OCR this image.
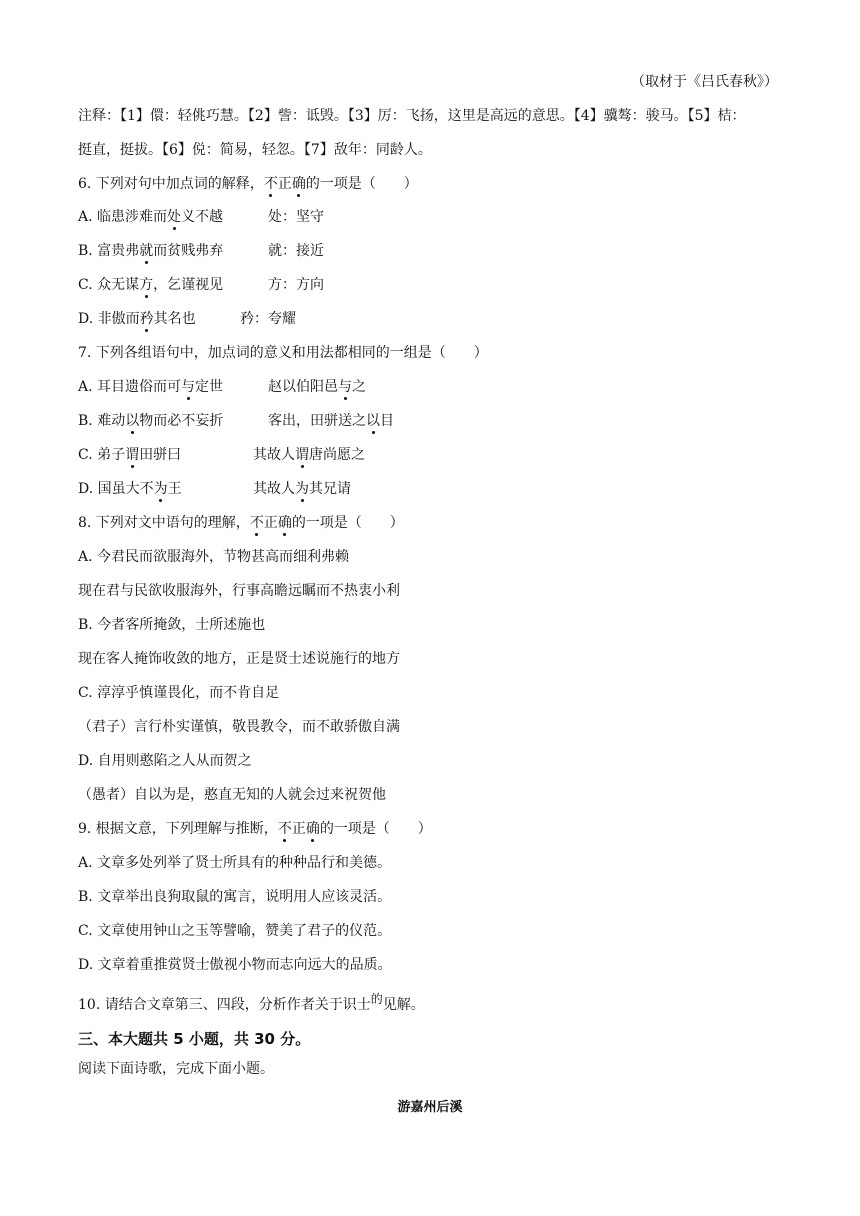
（取材于《吕氏春秋》）
注释：【1】儇：轻佻巧慧。【2】訾：诋毁。【3】厉：飞扬，这里是高远的意思。【4】骥骜：骏马。【5】桔：
挺直，挺拔。【6】侻：简易，轻忽。【7】敌年：同龄人。
6. 下列对句中加点词的解释，不正确的一项是（　　）
A. 临患涉难而处义不越	处：坚守
B. 富贵弗就而贫贱弗弃	就：接近
C. 众无谋方，乞谨视见	方：方向
D. 非傲而矜其名也	矜：夸耀
7. 下列各组语句中，加点词的意义和用法都相同的一组是（　　）
A. 耳目遗俗而可与定世	赵以伯阳邑与之
B. 难动以物而必不妄折	客出，田骈送之以目
C. 弟子谓田骈曰	其故人谓唐尚愿之
D. 国虽大不为王	其故人为其兄请
8. 下列对文中语句的理解，不正确的一项是（　　）
A. 今君民而欲服海外，节物甚高而细利弗赖
现在君与民欲收服海外，行事高瞻远瞩而不热衷小利
B. 今者客所掩敛，士所述施也
现在客人掩饰收敛的地方，正是贤士述说施行的地方
C. 淳淳乎慎谨畏化，而不肯自足
（君子）言行朴实谨慎，敬畏教令，而不敢骄傲自满
D. 自用则憨陷之人从而贺之
（愚者）自以为是，憨直无知的人就会过来祝贺他
9. 根据文意，下列理解与推断，不正确的一项是（　　）
A. 文章多处列举了贤士所具有的种种品行和美德。
B. 文章举出良狗取鼠的寓言，说明用人应该灵活。
C. 文章使用钟山之玉等譬喻，赞美了君子的仪范。
D. 文章着重推赏贤士傲视小物而志向远大的品质。
10. 请结合文章第三、四段，分析作者关于识士的见解。
三、本大题共 5 小题，共 30 分。
阅读下面诗歌，完成下面小题。
游嘉州后溪
